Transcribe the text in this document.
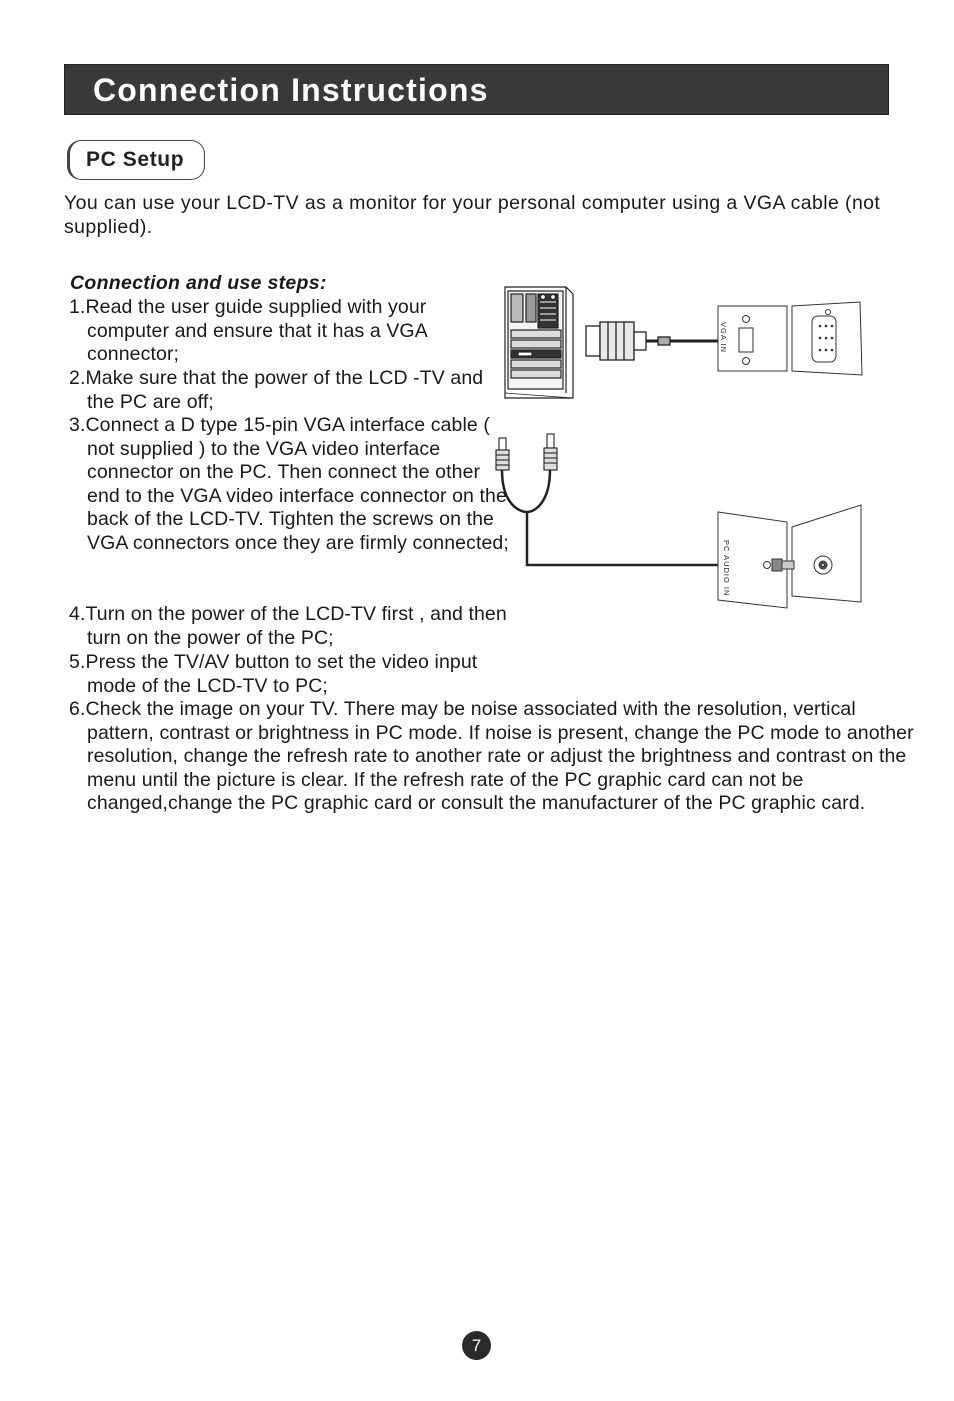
Connection Instructions
PC Setup

You can use your LCD-TV as a monitor for your personal computer using a VGA cable (not supplied).

Connection and use steps:

1.Read the user guide supplied with your computer and ensure that it has a VGA connector;

2.Make sure that the power of the LCD -TV and the PC are off;

3.Connect a D type 15-pin VGA interface cable ( not supplied ) to the VGA video interface connector on the PC. Then connect the other end to the VGA video interface connector on the back of the LCD-TV. Tighten the screws on the VGA connectors once they are firmly connected;

4.Turn on the power of the LCD-TV first , and then turn on the power of the PC;

5.Press the TV/AV button to set the video input mode of the LCD-TV to PC;

6.Check the image on your TV. There may be noise associated with the resolution, vertical pattern, contrast or brightness in PC mode. If noise is present, change the PC mode to another resolution, change the refresh rate to another rate or adjust the brightness and contrast on the menu until the picture is clear. If the refresh rate of the PC graphic card can not be changed,change the PC graphic card or consult the manufacturer of the PC graphic card.

VGA IN
PC AUDIO IN
7
